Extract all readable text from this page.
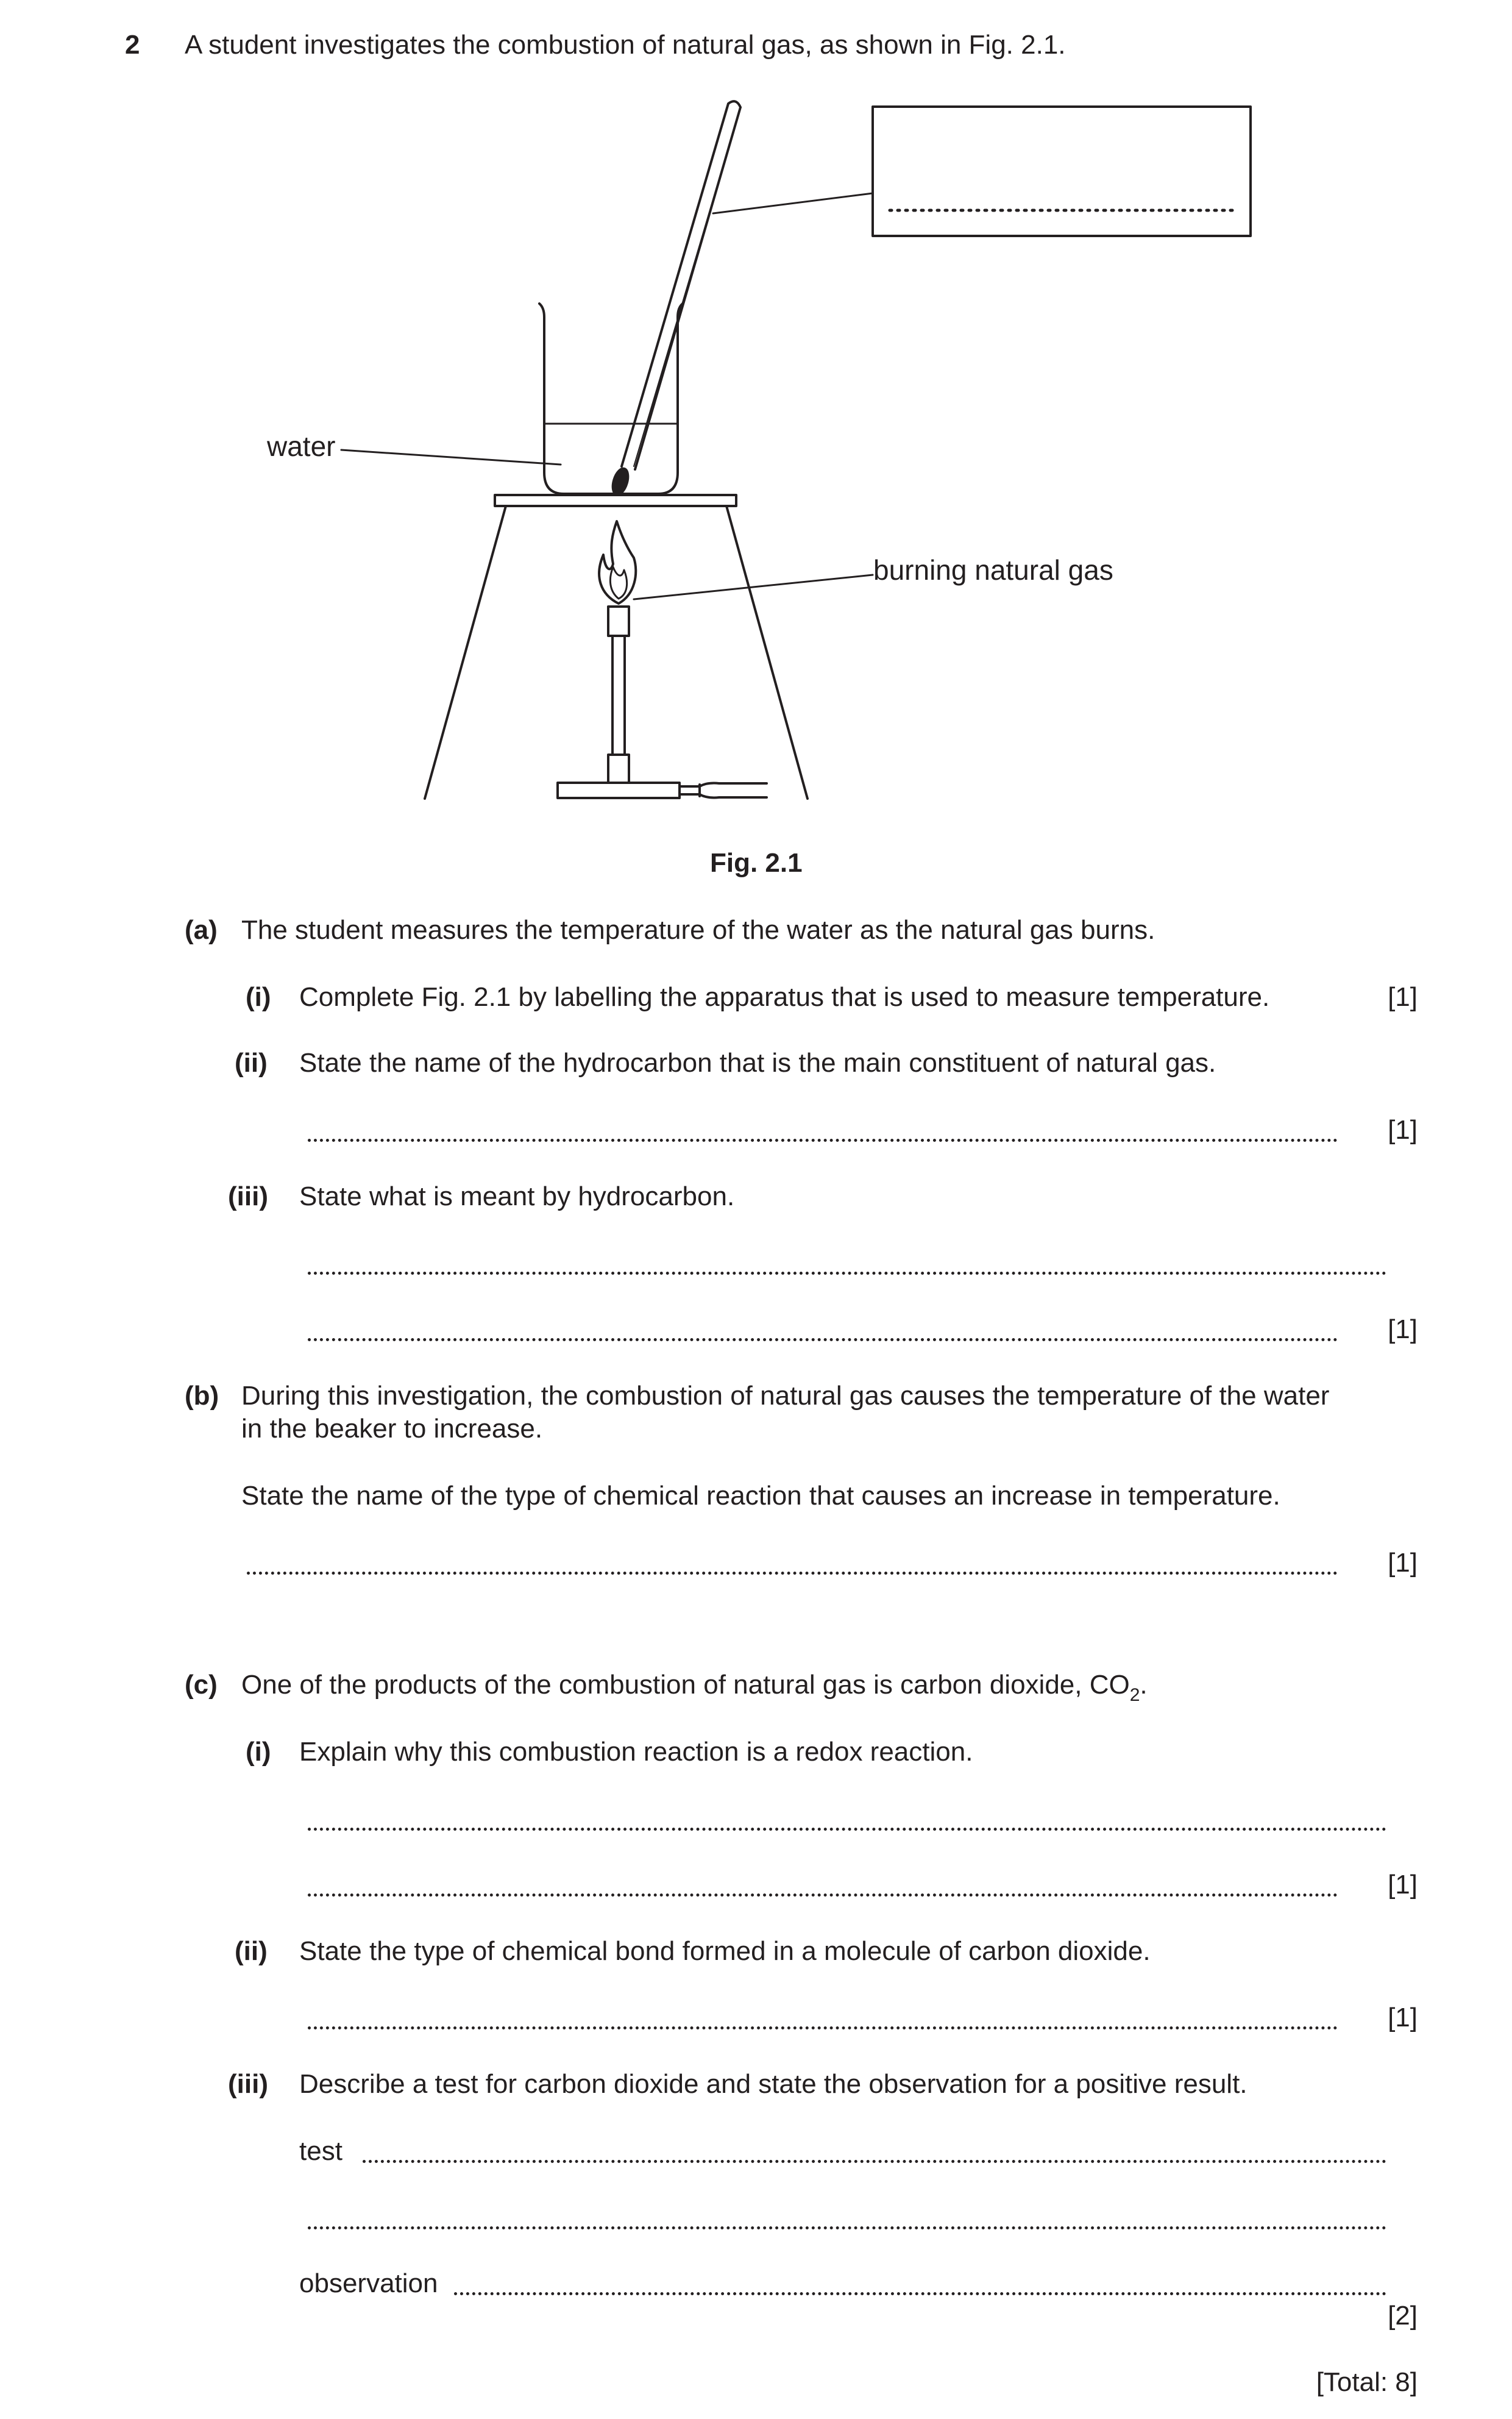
2 A student investigates the combustion of natural gas, as shown in Fig. 2.1.
water
burning natural gas
Fig. 2.1
(a) The student measures the temperature of the water as the natural gas burns.
(i) Complete Fig. 2.1 by labelling the apparatus that is used to measure temperature.	[1]
(ii) State the name of the hydrocarbon that is the main constituent of natural gas.
[1]
(iii) State what is meant by hydrocarbon.
[1]
(b) During this investigation, the combustion of natural gas causes the temperature of the water
in the beaker to increase.
State the name of the type of chemical reaction that causes an increase in temperature.
[1]
(c) One of the products of the combustion of natural gas is carbon dioxide, $CO_2$.
(i) Explain why this combustion reaction is a redox reaction.
[1]
(ii) State the type of chemical bond formed in a molecule of carbon dioxide.
[1]
(iii) Describe a test for carbon dioxide and state the observation for a positive result.
test
observation
[2]
[Total: 8]
